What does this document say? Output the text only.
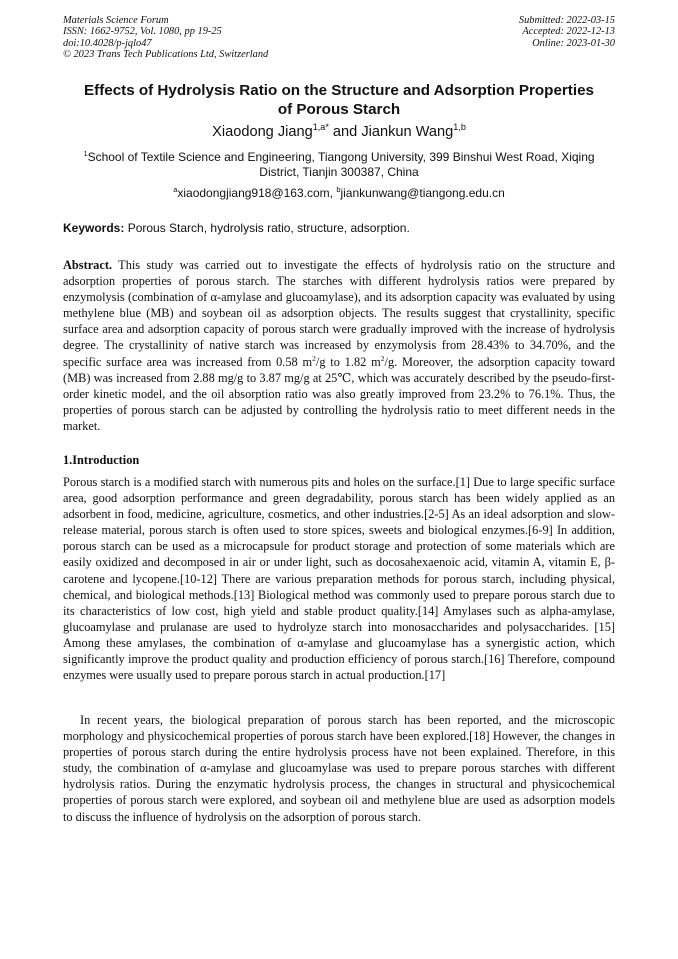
Materials Science Forum
ISSN: 1662-9752, Vol. 1080, pp 19-25
doi:10.4028/p-jqlo47
© 2023 Trans Tech Publications Ltd, Switzerland
Submitted: 2022-03-15
Accepted: 2022-12-13
Online: 2023-01-30
Effects of Hydrolysis Ratio on the Structure and Adsorption Properties
of Porous Starch
Xiaodong Jiang$^{1,a*}$ and Jiankun Wang$^{1,b}$
$^1$School of Textile Science and Engineering, Tiangong University, 399 Binshui West Road, Xiqing District, Tianjin 300387, China
$^a$xiaodongjiang918@163.com, $^b$jiankunwang@tiangong.edu.cn
Keywords: Porous Starch, hydrolysis ratio, structure, adsorption.
Abstract. This study was carried out to investigate the effects of hydrolysis ratio on the structure and adsorption properties of porous starch. The starches with different hydrolysis ratios were prepared by enzymolysis (combination of α-amylase and glucoamylase), and its adsorption capacity was evaluated by using methylene blue (MB) and soybean oil as adsorption objects. The results suggest that crystallinity, specific surface area and adsorption capacity of porous starch were gradually improved with the increase of hydrolysis degree. The crystallinity of native starch was increased by enzymolysis from 28.43% to 34.70%, and the specific surface area was increased from 0.58 $m^2/g$ to 1.82 $m^2/g$. Moreover, the adsorption capacity toward (MB) was increased from 2.88 mg/g to 3.87 mg/g at 25℃, which was accurately described by the pseudo-first-order kinetic model, and the oil absorption ratio was also greatly improved from 23.2% to 76.1%. Thus, the properties of porous starch can be adjusted by controlling the hydrolysis ratio to meet different needs in the market.
1.Introduction
Porous starch is a modified starch with numerous pits and holes on the surface.[1] Due to large specific surface area, good adsorption performance and green degradability, porous starch has been widely applied as an adsorbent in food, medicine, agriculture, cosmetics, and other industries.[2-5] As an ideal adsorption and slow-release material, porous starch is often used to store spices, sweets and biological enzymes.[6-9] In addition, porous starch can be used as a microcapsule for product storage and protection of some materials which are easily oxidized and decomposed in air or under light, such as docosahexaenoic acid, vitamin A, vitamin E, β-carotene and lycopene.[10-12] There are various preparation methods for porous starch, including physical, chemical, and biological methods.[13] Biological method was commonly used to prepare porous starch due to its characteristics of low cost, high yield and stable product quality.[14] Amylases such as alpha-amylase, glucoamylase and prulanase are used to hydrolyze starch into monosaccharides and polysaccharides. [15] Among these amylases, the combination of α-amylase and glucoamylase has a synergistic action, which significantly improve the product quality and production efficiency of porous starch.[16] Therefore, compound enzymes were usually used to prepare porous starch in actual production.[17]
In recent years, the biological preparation of porous starch has been reported, and the microscopic morphology and physicochemical properties of porous starch have been explored.[18] However, the changes in properties of porous starch during the entire hydrolysis process have not been explained. Therefore, in this study, the combination of α-amylase and glucoamylase was used to prepare porous starches with different hydrolysis ratios. During the enzymatic hydrolysis process, the changes in structural and physicochemical properties of porous starch were explored, and soybean oil and methylene blue are used as adsorption models to discuss the influence of hydrolysis on the adsorption of porous starch.
